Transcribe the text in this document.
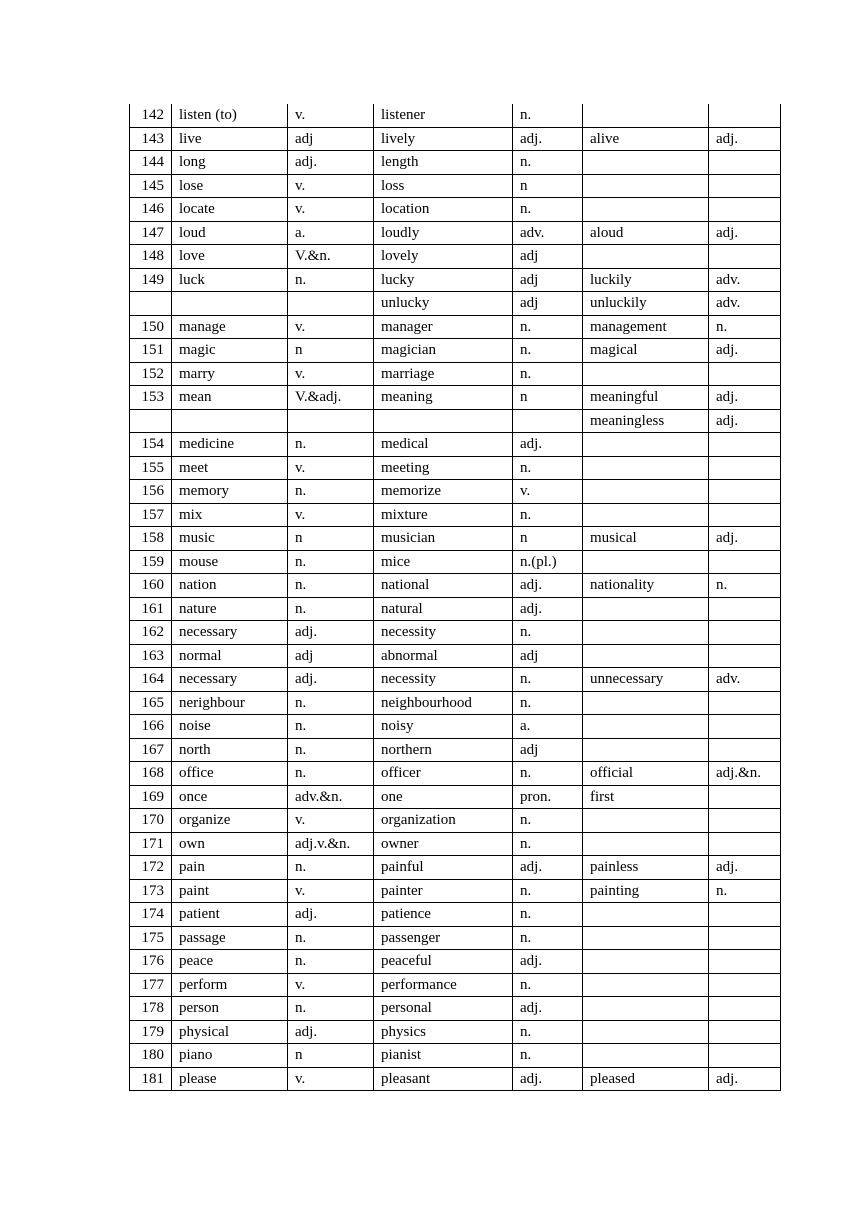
142	listen (to)	v.	listener	n.		
143	live	adj	lively	adj.	alive	adj.
144	long	adj.	length	n.		
145	lose	v.	loss	n		
146	locate	v.	location	n.		
147	loud	a.	loudly	adv.	aloud	adj.
148	love	V.&n.	lovely	adj		
149	luck	n.	lucky	adj	luckily	adv.
			unlucky	adj	unluckily	adv.
150	manage	v.	manager	n.	management	n.
151	magic	n	magician	n.	magical	adj.
152	marry	v.	marriage	n.		
153	mean	V.&adj.	meaning	n	meaningful	adj.
					meaningless	adj.
154	medicine	n.	medical	adj.		
155	meet	v.	meeting	n.		
156	memory	n.	memorize	v.		
157	mix	v.	mixture	n.		
158	music	n	musician	n	musical	adj.
159	mouse	n.	mice	n.(pl.)		
160	nation	n.	national	adj.	nationality	n.
161	nature	n.	natural	adj.		
162	necessary	adj.	necessity	n.		
163	normal	adj	abnormal	adj		
164	necessary	adj.	necessity	n.	unnecessary	adv.
165	nerighbour	n.	neighbourhood	n.		
166	noise	n.	noisy	a.		
167	north	n.	northern	adj		
168	office	n.	officer	n.	official	adj.&n.
169	once	adv.&n.	one	pron.	first	
170	organize	v.	organization	n.		
171	own	adj.v.&n.	owner	n.		
172	pain	n.	painful	adj.	painless	adj.
173	paint	v.	painter	n.	painting	n.
174	patient	adj.	patience	n.		
175	passage	n.	passenger	n.		
176	peace	n.	peaceful	adj.		
177	perform	v.	performance	n.		
178	person	n.	personal	adj.		
179	physical	adj.	physics	n.		
180	piano	n	pianist	n.		
181	please	v.	pleasant	adj.	pleased	adj.
